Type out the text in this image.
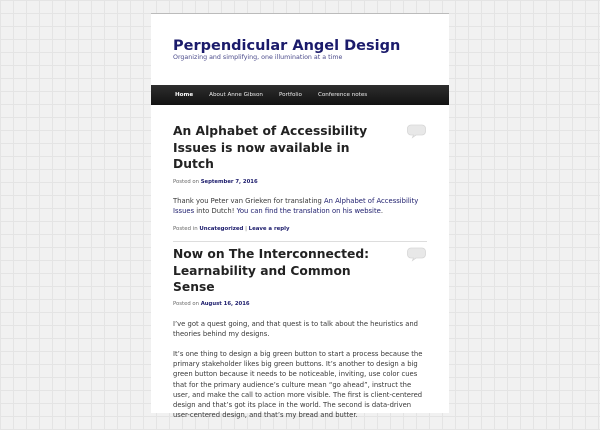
Perpendicular Angel Design
Organizing and simplifying, one illumination at a time
Home	About Anne Gibson	Portfolio	Conference notes
An Alphabet of Accessibility Issues is now available in Dutch
Posted on September 7, 2016

Thank you Peter van Grieken for translating An Alphabet of Accessibility Issues into Dutch! You can find the translation on his website.

Posted in Uncategorized | Leave a reply
Now on The Interconnected: Learnability and Common Sense
Posted on August 16, 2016

I’ve got a quest going, and that quest is to talk about the heuristics and theories behind my designs.

It’s one thing to design a big green button to start a process because the primary stakeholder likes big green buttons. It’s another to design a big green button because it needs to be noticeable, inviting, use color cues that for the primary audience’s culture mean “go ahead”, instruct the user, and make the call to action more visible. The first is client-centered design and that’s got its place in the world. The second is data-driven user-centered design, and that’s my bread and butter.
